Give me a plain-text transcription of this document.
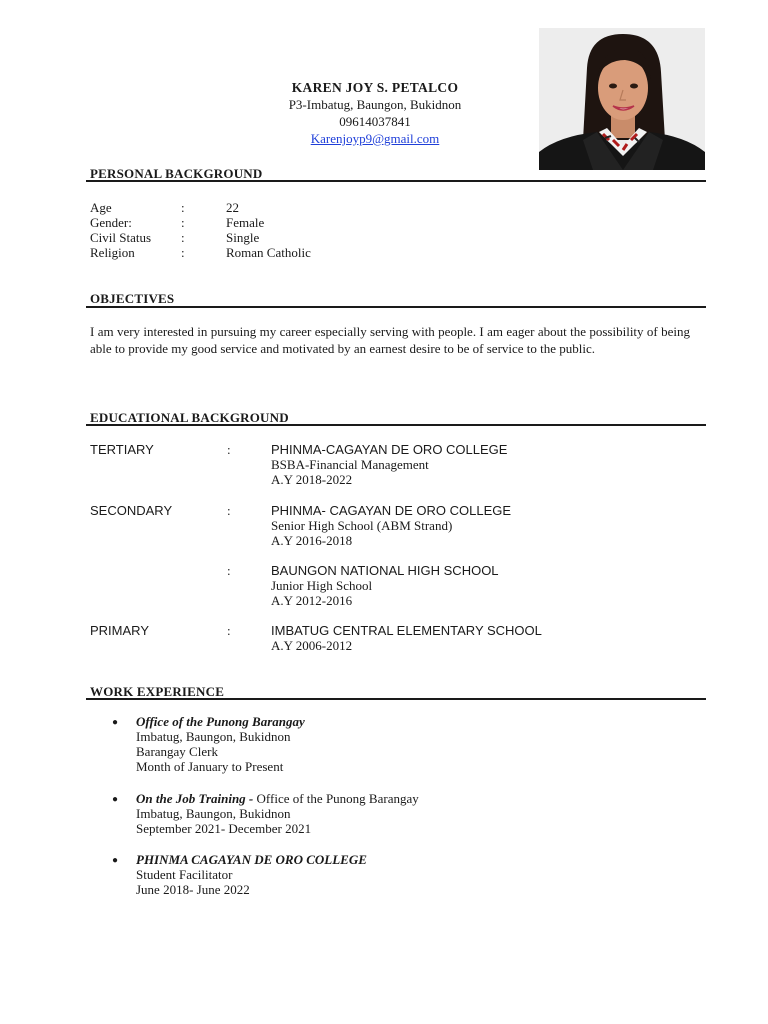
KAREN JOY S. PETALCO
P3-Imbatug, Baungon, Bukidnon
09614037841
Karenjoyp9@gmail.com
PERSONAL BACKGROUND
Age	:	22
Gender:	:	Female
Civil Status :	Single
Religion	:	Roman Catholic
OBJECTIVES
I am very interested in pursuing my career especially serving with people. I am eager about the possibility of being able to provide my good service and motivated by an earnest desire to be of service to the public.
EDUCATIONAL BACKGROUND
TERTIARY	:	PHINMA-CAGAYAN DE ORO COLLEGE
BSBA-Financial Management
A.Y 2018-2022
SECONDARY	:	PHINMA- CAGAYAN DE ORO COLLEGE
Senior High School (ABM Strand)
A.Y 2016-2018
:	BAUNGON NATIONAL HIGH SCHOOL
Junior High School
A.Y 2012-2016
PRIMARY	:	IMBATUG CENTRAL ELEMENTARY SCHOOL
A.Y 2006-2012
WORK EXPERIENCE
● Office of the Punong Barangay
Imbatug, Baungon, Bukidnon
Barangay Clerk
Month of January to Present
● On the Job Training - Office of the Punong Barangay
Imbatug, Baungon, Bukidnon
September 2021- December 2021
● PHINMA CAGAYAN DE ORO COLLEGE
Student Facilitator
June 2018- June 2022
